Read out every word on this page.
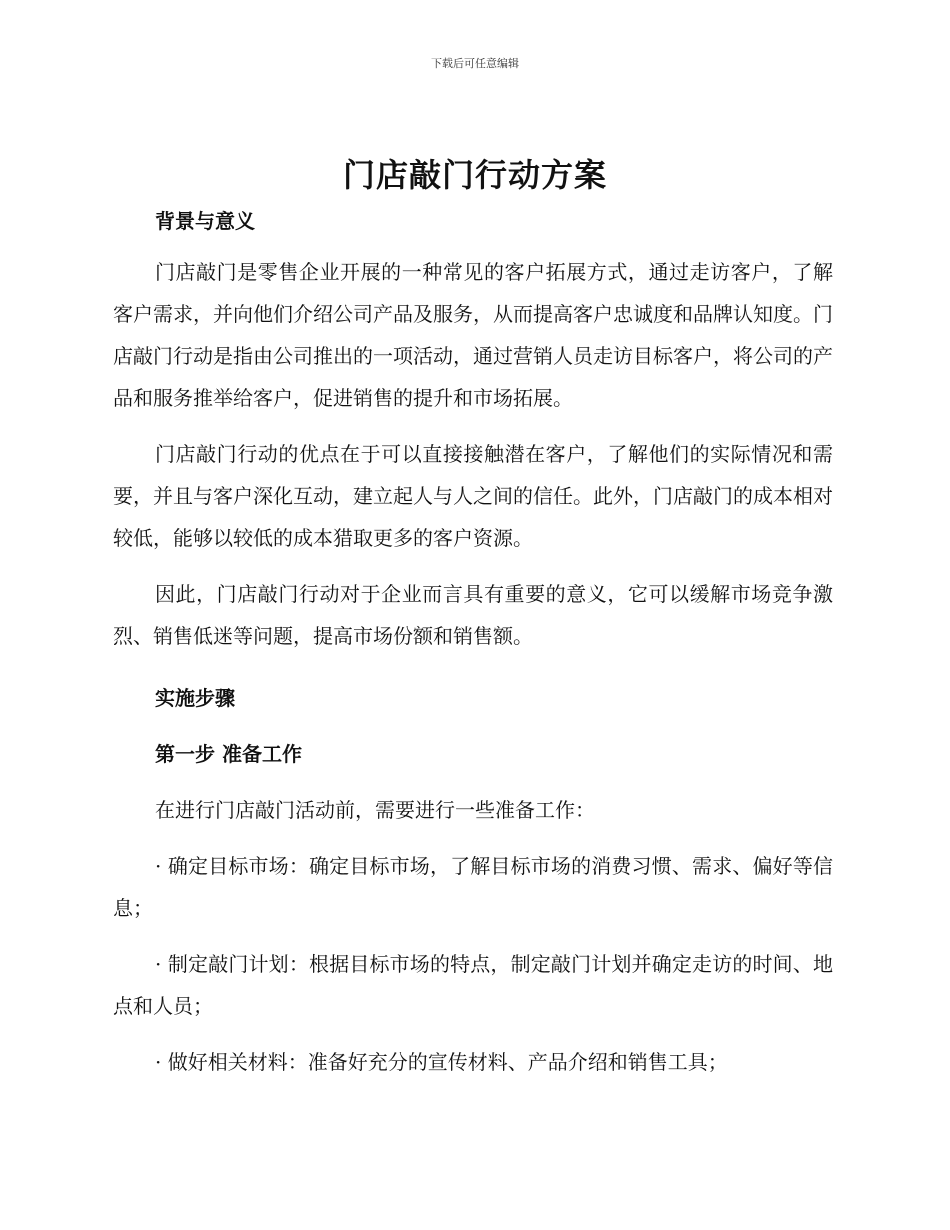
下载后可任意编辑
门店敲门行动方案

背景与意义

门店敲门是零售企业开展的一种常见的客户拓展方式，通过走访客户，了解客户需求，并向他们介绍公司产品及服务，从而提高客户忠诚度和品牌认知度。门店敲门行动是指由公司推出的一项活动，通过营销人员走访目标客户，将公司的产品和服务推举给客户，促进销售的提升和市场拓展。

门店敲门行动的优点在于可以直接接触潜在客户，了解他们的实际情况和需要，并且与客户深化互动，建立起人与人之间的信任。此外，门店敲门的成本相对较低，能够以较低的成本猎取更多的客户资源。

因此，门店敲门行动对于企业而言具有重要的意义，它可以缓解市场竞争激烈、销售低迷等问题，提高市场份额和销售额。

实施步骤

第一步 准备工作

在进行门店敲门活动前，需要进行一些准备工作：

· 确定目标市场：确定目标市场，了解目标市场的消费习惯、需求、偏好等信息；

· 制定敲门计划：根据目标市场的特点，制定敲门计划并确定走访的时间、地点和人员；

· 做好相关材料：准备好充分的宣传材料、产品介绍和销售工具；
